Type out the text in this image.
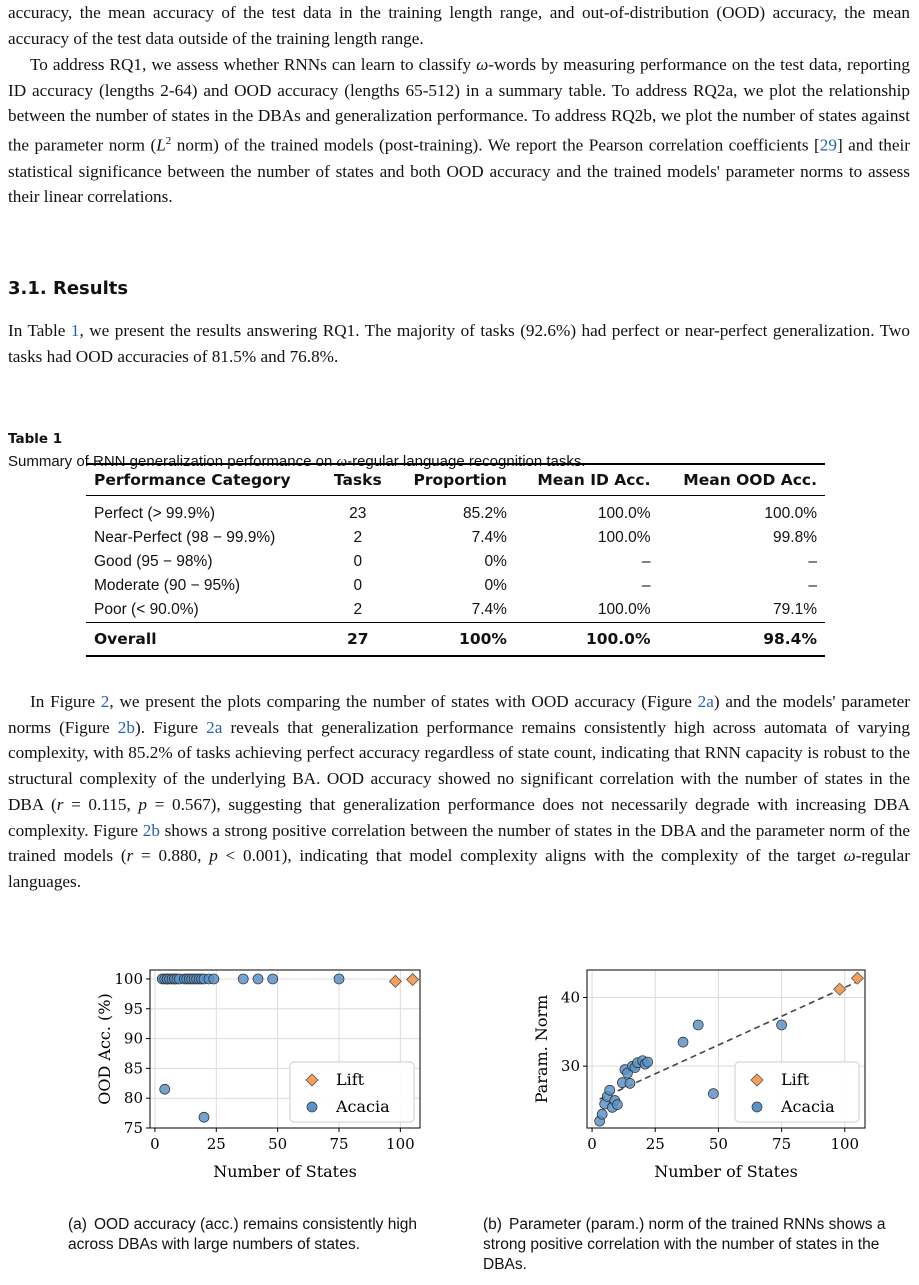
accuracy, the mean accuracy of the test data in the training length range, and out-of-distribution (OOD) accuracy, the mean accuracy of the test data outside of the training length range.

To address RQ1, we assess whether RNNs can learn to classify ω-words by measuring performance on the test data, reporting ID accuracy (lengths 2-64) and OOD accuracy (lengths 65-512) in a summary table. To address RQ2a, we plot the relationship between the number of states in the DBAs and generalization performance. To address RQ2b, we plot the number of states against the parameter norm ($L^2$ norm) of the trained models (post-training). We report the Pearson correlation coefficients [29] and their statistical significance between the number of states and both OOD accuracy and the trained models' parameter norms to assess their linear correlations.

3.1. Results

In Table 1, we present the results answering RQ1. The majority of tasks (92.6%) had perfect or near-perfect generalization. Two tasks had OOD accuracies of 81.5% and 76.8%.

Table 1
Summary of RNN generalization performance on ω-regular language recognition tasks.
Performance Category	Tasks	Proportion	Mean ID Acc.	Mean OOD Acc.
Perfect (> 99.9%)	23	85.2%	100.0%	100.0%
Near-Perfect (98 − 99.9%)	2	7.4%	100.0%	99.8%
Good (95 − 98%)	0	0%	–	–
Moderate (90 − 95%)	0	0%	–	–
Poor (< 90.0%)	2	7.4%	100.0%	79.1%
Overall	27	100%	100.0%	98.4%

In Figure 2, we present the plots comparing the number of states with OOD accuracy (Figure 2a) and the models' parameter norms (Figure 2b). Figure 2a reveals that generalization performance remains consistently high across automata of varying complexity, with 85.2% of tasks achieving perfect accuracy regardless of state count, indicating that RNN capacity is robust to the structural complexity of the underlying BA. OOD accuracy showed no significant correlation with the number of states in the DBA (r = 0.115, p = 0.567), suggesting that generalization performance does not necessarily degrade with increasing DBA complexity. Figure 2b shows a strong positive correlation between the number of states in the DBA and the parameter norm of the trained models (r = 0.880, p < 0.001), indicating that model complexity aligns with the complexity of the target ω-regular languages.

0	25	50	75 100
75
80
85
90
95
100
Number of States
OOD Acc. (%)	Lift
Acacia
0	25	50	75	100
30
40
Number of States
Param. Norm	Lift
Acacia

(a) OOD accuracy (acc.) remains consistently high across DBAs with large numbers of states.

(b) Parameter (param.) norm of the trained RNNs shows a strong positive correlation with the number of states in the DBAs.
